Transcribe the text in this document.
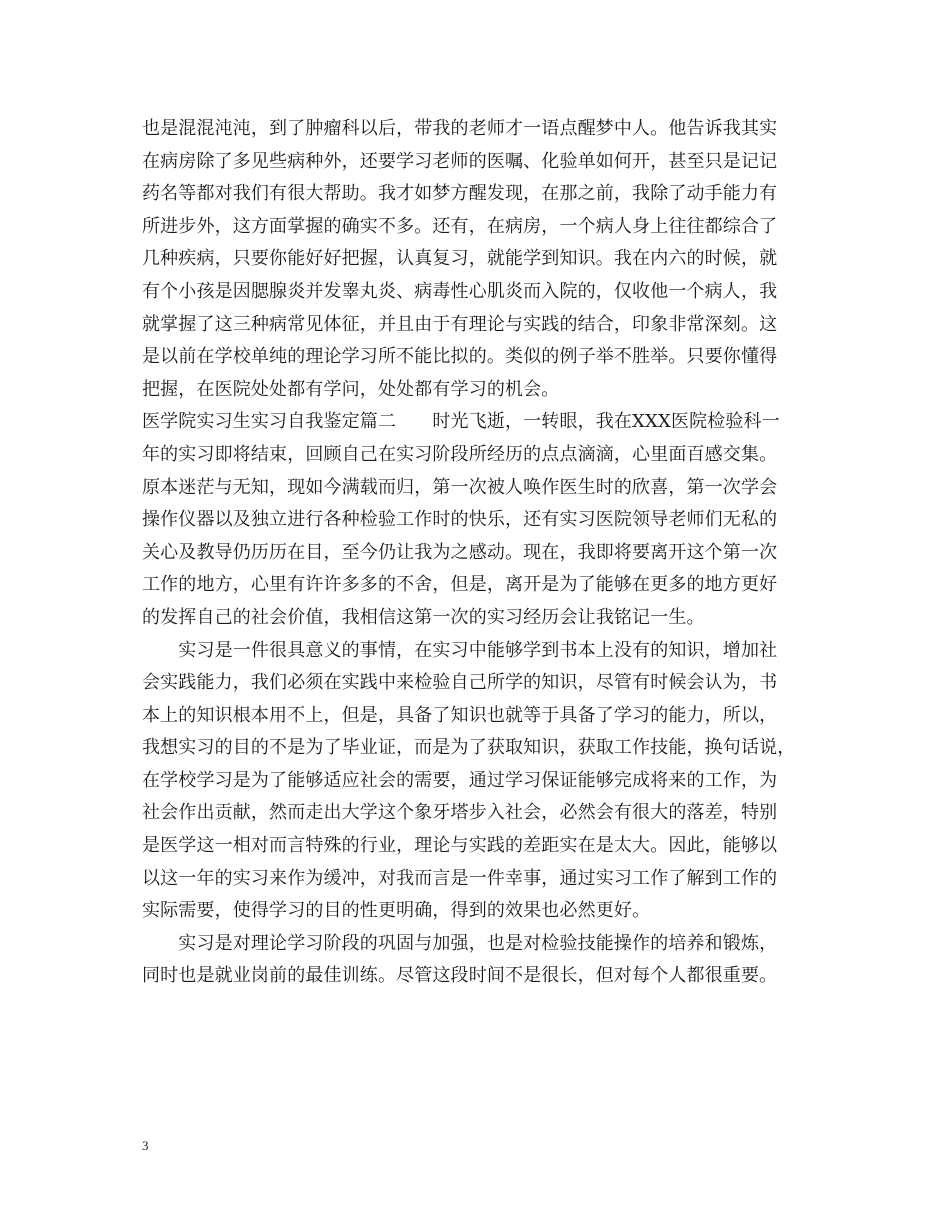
也是混混沌沌，到了肿瘤科以后，带我的老师才一语点醒梦中人。他告诉我其实
在病房除了多见些病种外，还要学习老师的医嘱、化验单如何开，甚至只是记记
药名等都对我们有很大帮助。我才如梦方醒发现，在那之前，我除了动手能力有
所进步外，这方面掌握的确实不多。还有，在病房，一个病人身上往往都综合了
几种疾病，只要你能好好把握，认真复习，就能学到知识。我在内六的时候，就
有个小孩是因腮腺炎并发睾丸炎、病毒性心肌炎而入院的，仅收他一个病人，我
就掌握了这三种病常见体征，并且由于有理论与实践的结合，印象非常深刻。这
是以前在学校单纯的理论学习所不能比拟的。类似的例子举不胜举。只要你懂得
把握，在医院处处都有学问，处处都有学习的机会。
医学院实习生实习自我鉴定篇二　　时光飞逝，一转眼，我在XXX医院检验科一
年的实习即将结束，回顾自己在实习阶段所经历的点点滴滴，心里面百感交集。
原本迷茫与无知，现如今满载而归，第一次被人唤作医生时的欣喜，第一次学会
操作仪器以及独立进行各种检验工作时的快乐，还有实习医院领导老师们无私的
关心及教导仍历历在目，至今仍让我为之感动。现在，我即将要离开这个第一次
工作的地方，心里有许许多多的不舍，但是，离开是为了能够在更多的地方更好
的发挥自己的社会价值，我相信这第一次的实习经历会让我铭记一生。
　　实习是一件很具意义的事情，在实习中能够学到书本上没有的知识，增加社
会实践能力，我们必须在实践中来检验自己所学的知识，尽管有时候会认为，书
本上的知识根本用不上，但是，具备了知识也就等于具备了学习的能力，所以，
我想实习的目的不是为了毕业证，而是为了获取知识，获取工作技能，换句话说，
在学校学习是为了能够适应社会的需要，通过学习保证能够完成将来的工作，为
社会作出贡献，然而走出大学这个象牙塔步入社会，必然会有很大的落差，特别
是医学这一相对而言特殊的行业，理论与实践的差距实在是太大。因此，能够以
以这一年的实习来作为缓冲，对我而言是一件幸事，通过实习工作了解到工作的
实际需要，使得学习的目的性更明确，得到的效果也必然更好。
　　实习是对理论学习阶段的巩固与加强，也是对检验技能操作的培养和锻炼，
同时也是就业岗前的最佳训练。尽管这段时间不是很长，但对每个人都很重要。
3
